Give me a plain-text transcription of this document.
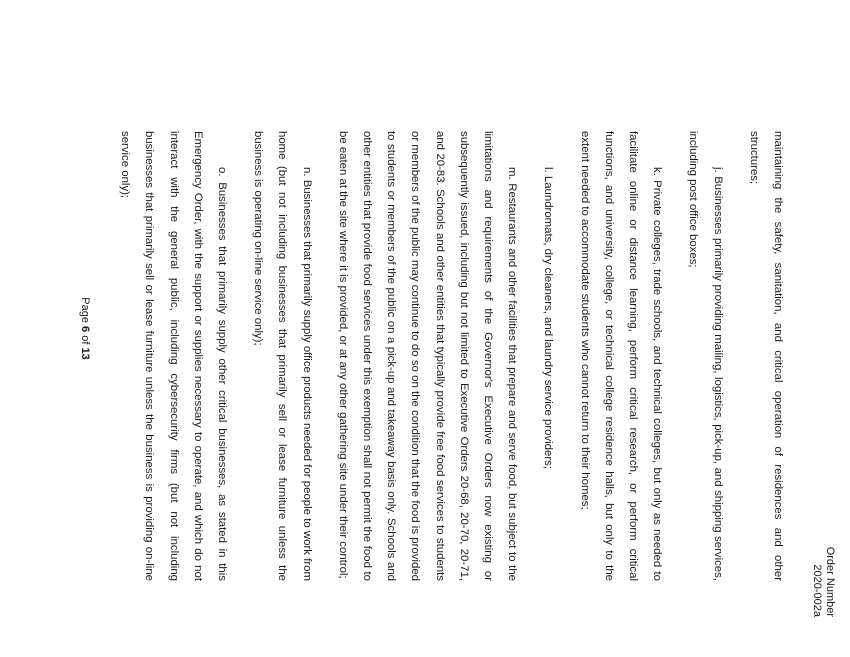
Order Number
2020-002a

maintaining the safety, sanitation, and critical operation of residences and other structures;

j. Businesses primarily providing mailing, logistics, pick-up, and shipping services, including post office boxes;

k. Private colleges, trade schools, and technical colleges, but only as needed to facilitate online or distance learning, perform critical research, or perform critical functions, and university, college, or technical college residence halls, but only to the extent needed to accommodate students who cannot return to their homes;

l. Laundromats, dry cleaners, and laundry service providers;

m. Restaurants and other facilities that prepare and serve food, but subject to the limitations and requirements of the Governor's Executive Orders now existing or subsequently issued, including but not limited to Executive Orders 20-68, 20-70, 20-71, and 20-83. Schools and other entities that typically provide free food services to students or members of the public may continue to do so on the condition that the food is provided to students or members of the public on a pick-up and takeaway basis only. Schools and other entities that provide food services under this exemption shall not permit the food to be eaten at the site where it is provided, or at any other gathering site under their control;

n. Businesses that primarily supply office products needed for people to work from home (but not including businesses that primarily sell or lease furniture unless the business is operating on-line service only);

o. Businesses that primarily supply other critical businesses, as stated in this Emergency Order, with the support or supplies necessary to operate, and which do not interact with the general public, including cybersecurity firms (but not including businesses that primarily sell or lease furniture unless the business is providing on-line service only);

Page 6 of 13
